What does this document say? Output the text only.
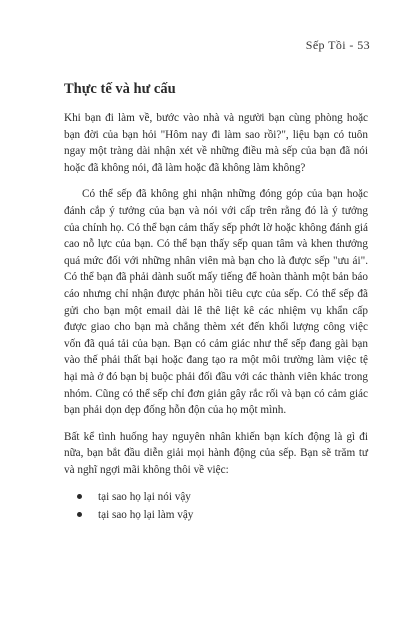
Sếp Tồi - 53
Thực tế và hư cấu

Khi bạn đi làm về, bước vào nhà và người bạn cùng phòng hoặc bạn đời của bạn hỏi "Hôm nay đi làm sao rồi?", liệu bạn có tuôn ngay một tràng dài nhận xét về những điều mà sếp của bạn đã nói hoặc đã không nói, đã làm hoặc đã không làm không?

Có thể sếp đã không ghi nhận những đóng góp của bạn hoặc đánh cắp ý tưởng của bạn và nói với cấp trên rằng đó là ý tưởng của chính họ. Có thể bạn cảm thấy sếp phớt lờ hoặc không đánh giá cao nỗ lực của bạn. Có thể bạn thấy sếp quan tâm và khen thưởng quá mức đối với những nhân viên mà bạn cho là được sếp "ưu ái". Có thể bạn đã phải dành suốt mấy tiếng để hoàn thành một bản báo cáo nhưng chỉ nhận được phản hồi tiêu cực của sếp. Có thể sếp đã gửi cho bạn một email dài lê thê liệt kê các nhiệm vụ khẩn cấp được giao cho bạn mà chẳng thèm xét đến khối lượng công việc vốn đã quá tải của bạn. Bạn có cảm giác như thể sếp đang gài bạn vào thế phải thất bại hoặc đang tạo ra một môi trường làm việc tệ hại mà ở đó bạn bị buộc phải đối đầu với các thành viên khác trong nhóm. Cũng có thể sếp chỉ đơn giản gây rắc rối và bạn có cảm giác bạn phải dọn dẹp đống hỗn độn của họ một mình.

Bất kể tình huống hay nguyên nhân khiến bạn kích động là gì đi nữa, bạn bắt đầu diễn giải mọi hành động của sếp. Bạn sẽ trăm tư và nghĩ ngợi mãi không thôi về việc:

tại sao họ lại nói vậy
tại sao họ lại làm vậy
